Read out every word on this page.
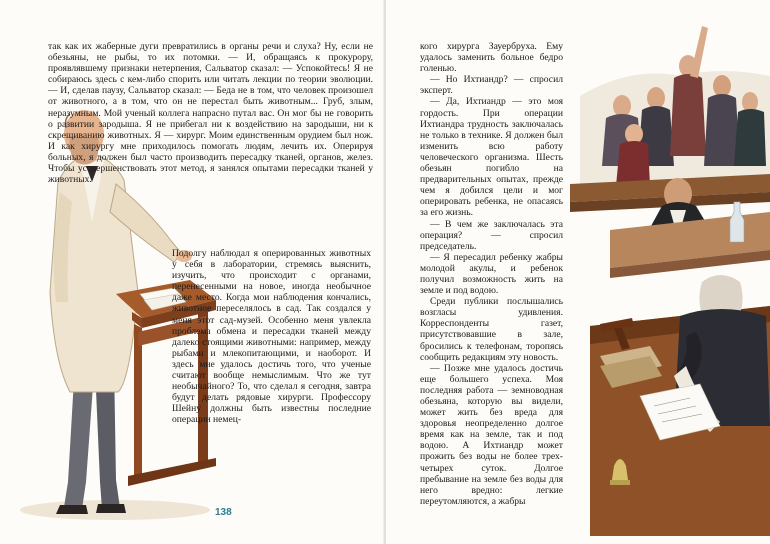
так как их жаберные дуги превратились в органы речи и слуха? Ну, если не обезьяны, не рыбы, то их потомки. — И, обращаясь к прокурору, проявлявшему признаки нетерпения, Сальватор сказал: — Успокойтесь! Я не собираюсь здесь с кем-либо спорить или читать лекции по теории эволюции. — И, сделав паузу, Сальватор сказал: — Беда не в том, что человек произошел от животного, а в том, что он не перестал быть животным... Груб, злым, неразумным. Мой ученый коллега напрасно путал вас. Он мог бы не говорить о развитии зародыша. Я не прибегал ни к воздействию на зародыши, ни к скрещиванию животных. Я — хирург. Моим единственным орудием был нож. И как хирургу мне приходилось помогать людям, лечить их. Оперируя больных, я должен был часто производить пересадку тканей, органов, желез. Чтобы усовершенствовать этот метод, я занялся опытами пересадки тканей у животных.
Подолгу наблюдал я оперированных животных у себя в лаборатории, стремясь выяснить, изучить, что происходит с органами, перенесенными на новое, иногда необычное даже место. Когда мои наблюдения кончались, животное переселялось в сад. Так создался у меня этот сад-музей. Особенно меня увлекла проблема обмена и пересадки тканей между далеко стоящими животными: например, между рыбами и млекопитающими, и наоборот. И здесь мне удалось достичь того, что ученые считают вообще немыслимым. Что же тут необычайного? То, что сделал я сегодня, завтра будут делать рядовые хирурги. Профессору Шейну должны быть известны последние операции немец-
138

кого хирурга Зауербруха. Ему удалось заменить больное бедро голенью.

— Но Ихтиандр? — спросил эксперт.

— Да, Ихтиандр — это моя гордость. При операции Ихтиандра трудность заключалась не только в технике. Я должен был изменить всю работу человеческого организма. Шесть обезьян погибло на предварительных опытах, прежде чем я добился цели и мог оперировать ребенка, не опасаясь за его жизнь.

— В чем же заключалась эта операция? — спросил председатель.

— Я пересадил ребенку жабры молодой акулы, и ребенок получил возможность жить на земле и под водою.

Среди публики послышались возгласы удивления. Корреспонденты газет, присутствовавшие в зале, бросились к телефонам, торопясь сообщить редакциям эту новость.

— Позже мне удалось достичь еще большего успеха. Моя последняя работа — земноводная обезьяна, которую вы видели, может жить без вреда для здоровья неопределенно долгое время как на земле, так и под водою. А Ихтиандр может прожить без воды не более трех-четырех суток. Долгое пребывание на земле без воды для него вредно: легкие переутомляются, а жабры
